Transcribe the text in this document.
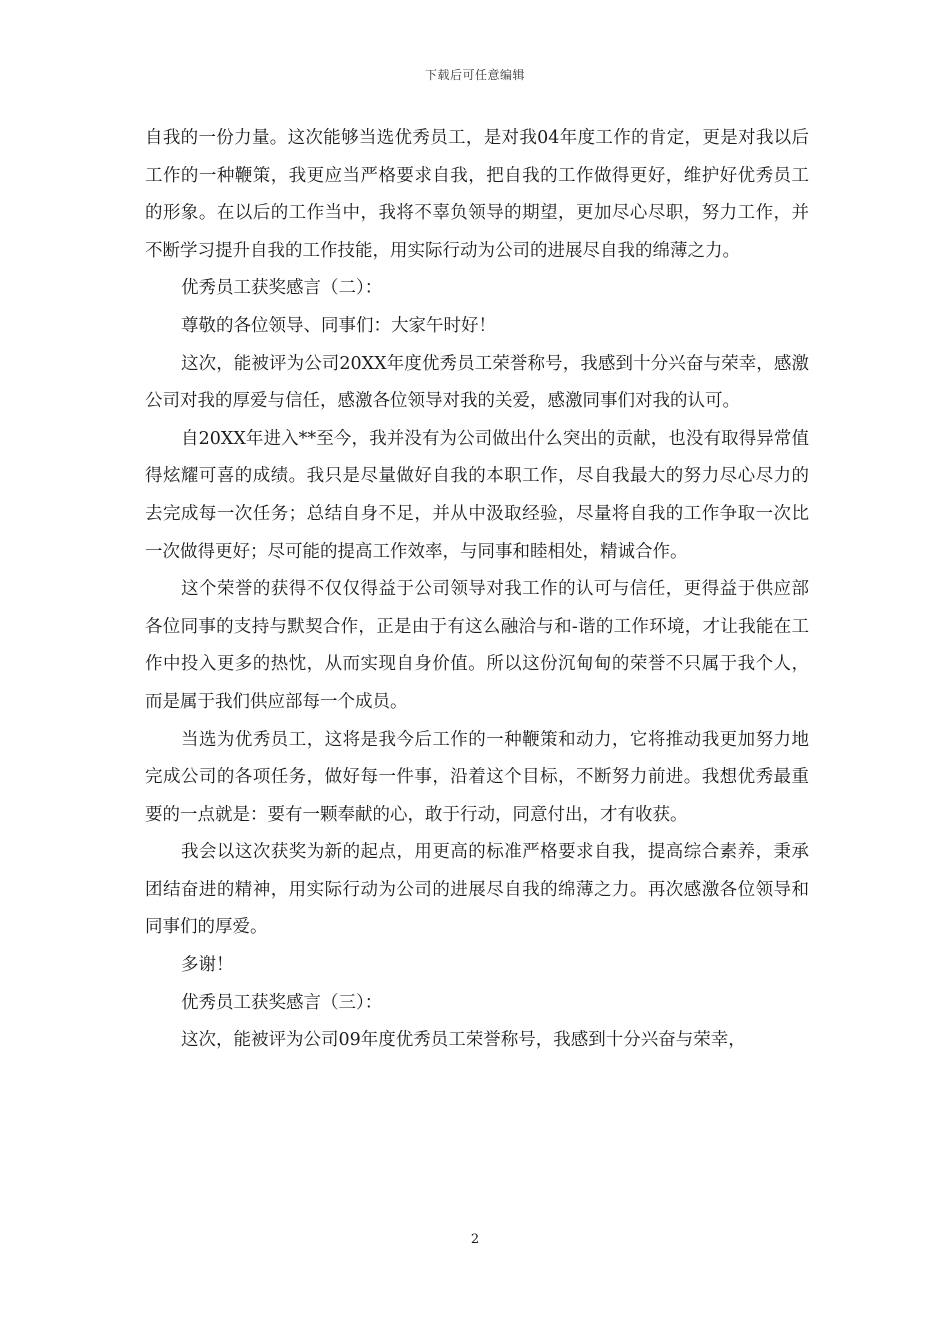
下载后可任意编辑

自我的一份力量。这次能够当选优秀员工，是对我04年度工作的肯定，更是对我以后工作的一种鞭策，我更应当严格要求自我，把自我的工作做得更好，维护好优秀员工的形象。在以后的工作当中，我将不辜负领导的期望，更加尽心尽职，努力工作，并不断学习提升自我的工作技能，用实际行动为公司的进展尽自我的绵薄之力。

优秀员工获奖感言（二）：

尊敬的各位领导、同事们：大家午时好！

这次，能被评为公司20XX年度优秀员工荣誉称号，我感到十分兴奋与荣幸，感激公司对我的厚爱与信任，感激各位领导对我的关爱，感激同事们对我的认可。

自20XX年进入**至今，我并没有为公司做出什么突出的贡献，也没有取得异常值得炫耀可喜的成绩。我只是尽量做好自我的本职工作，尽自我最大的努力尽心尽力的去完成每一次任务；总结自身不足，并从中汲取经验，尽量将自我的工作争取一次比一次做得更好；尽可能的提高工作效率，与同事和睦相处，精诚合作。

这个荣誉的获得不仅仅得益于公司领导对我工作的认可与信任，更得益于供应部各位同事的支持与默契合作，正是由于有这么融洽与和-谐的工作环境，才让我能在工作中投入更多的热忱，从而实现自身价值。所以这份沉甸甸的荣誉不只属于我个人，而是属于我们供应部每一个成员。

当选为优秀员工，这将是我今后工作的一种鞭策和动力，它将推动我更加努力地完成公司的各项任务，做好每一件事，沿着这个目标，不断努力前进。我想优秀最重要的一点就是：要有一颗奉献的心，敢于行动，同意付出，才有收获。

我会以这次获奖为新的起点，用更高的标准严格要求自我，提高综合素养，秉承团结奋进的精神，用实际行动为公司的进展尽自我的绵薄之力。再次感激各位领导和同事们的厚爱。

多谢！

优秀员工获奖感言（三）：

这次，能被评为公司09年度优秀员工荣誉称号，我感到十分兴奋与荣幸，

2
